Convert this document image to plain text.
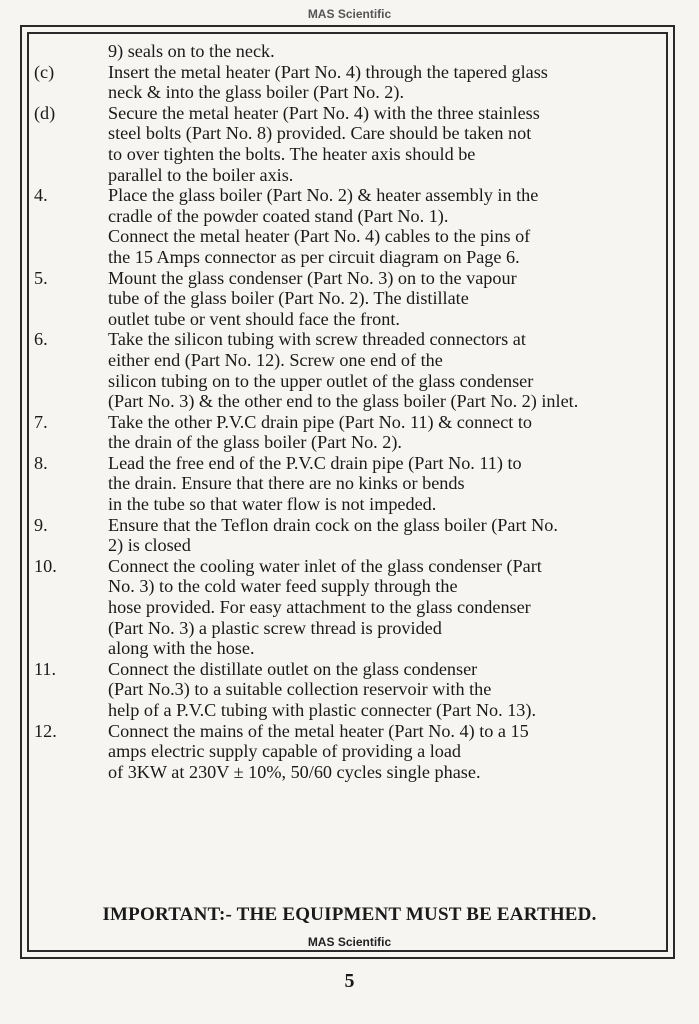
MAS Scientific
9) seals on to the neck.
(c)	Insert the metal heater (Part No. 4) through the tapered glass
neck & into the glass boiler (Part No. 2).
(d)	Secure the metal heater (Part No. 4) with the three stainless
steel bolts (Part No. 8) provided. Care should be taken not
to over tighten the bolts. The heater axis should be
parallel to the boiler axis.
4.	Place the glass boiler (Part No. 2) & heater assembly in the
cradle of the powder coated stand (Part No. 1).
Connect the metal heater (Part No. 4) cables to the pins of
the 15 Amps connector as per circuit diagram on Page 6.
5.	Mount the glass condenser (Part No. 3) on to the vapour
tube of the glass boiler (Part No. 2). The distillate
outlet tube or vent should face the front.
6.	Take the silicon tubing with screw threaded connectors at
either end (Part No. 12). Screw one end of the
silicon tubing on to the upper outlet of the glass condenser
(Part No. 3) & the other end to the glass boiler (Part No. 2) inlet.
7.	Take the other P.V.C drain pipe (Part No. 11) & connect to
the drain of the glass boiler (Part No. 2).
8.	Lead the free end of the P.V.C drain pipe (Part No. 11) to
the drain. Ensure that there are no kinks or bends
in the tube so that water flow is not impeded.
9.	Ensure that the Teflon drain cock on the glass boiler (Part No.
2) is closed
10.	Connect the cooling water inlet of the glass condenser (Part
No. 3) to the cold water feed supply through the
hose provided. For easy attachment to the glass condenser
(Part No. 3) a plastic screw thread is provided
along with the hose.
11.	Connect the distillate outlet on the glass condenser
(Part No.3) to a suitable collection reservoir with the
help of a P.V.C tubing with plastic connecter (Part No. 13).
12.	Connect the mains of the metal heater (Part No. 4) to a 15
amps electric supply capable of providing a load
of 3KW at 230V ± 10%, 50/60 cycles single phase.
IMPORTANT:- THE EQUIPMENT MUST BE EARTHED.
MAS Scientific
5
